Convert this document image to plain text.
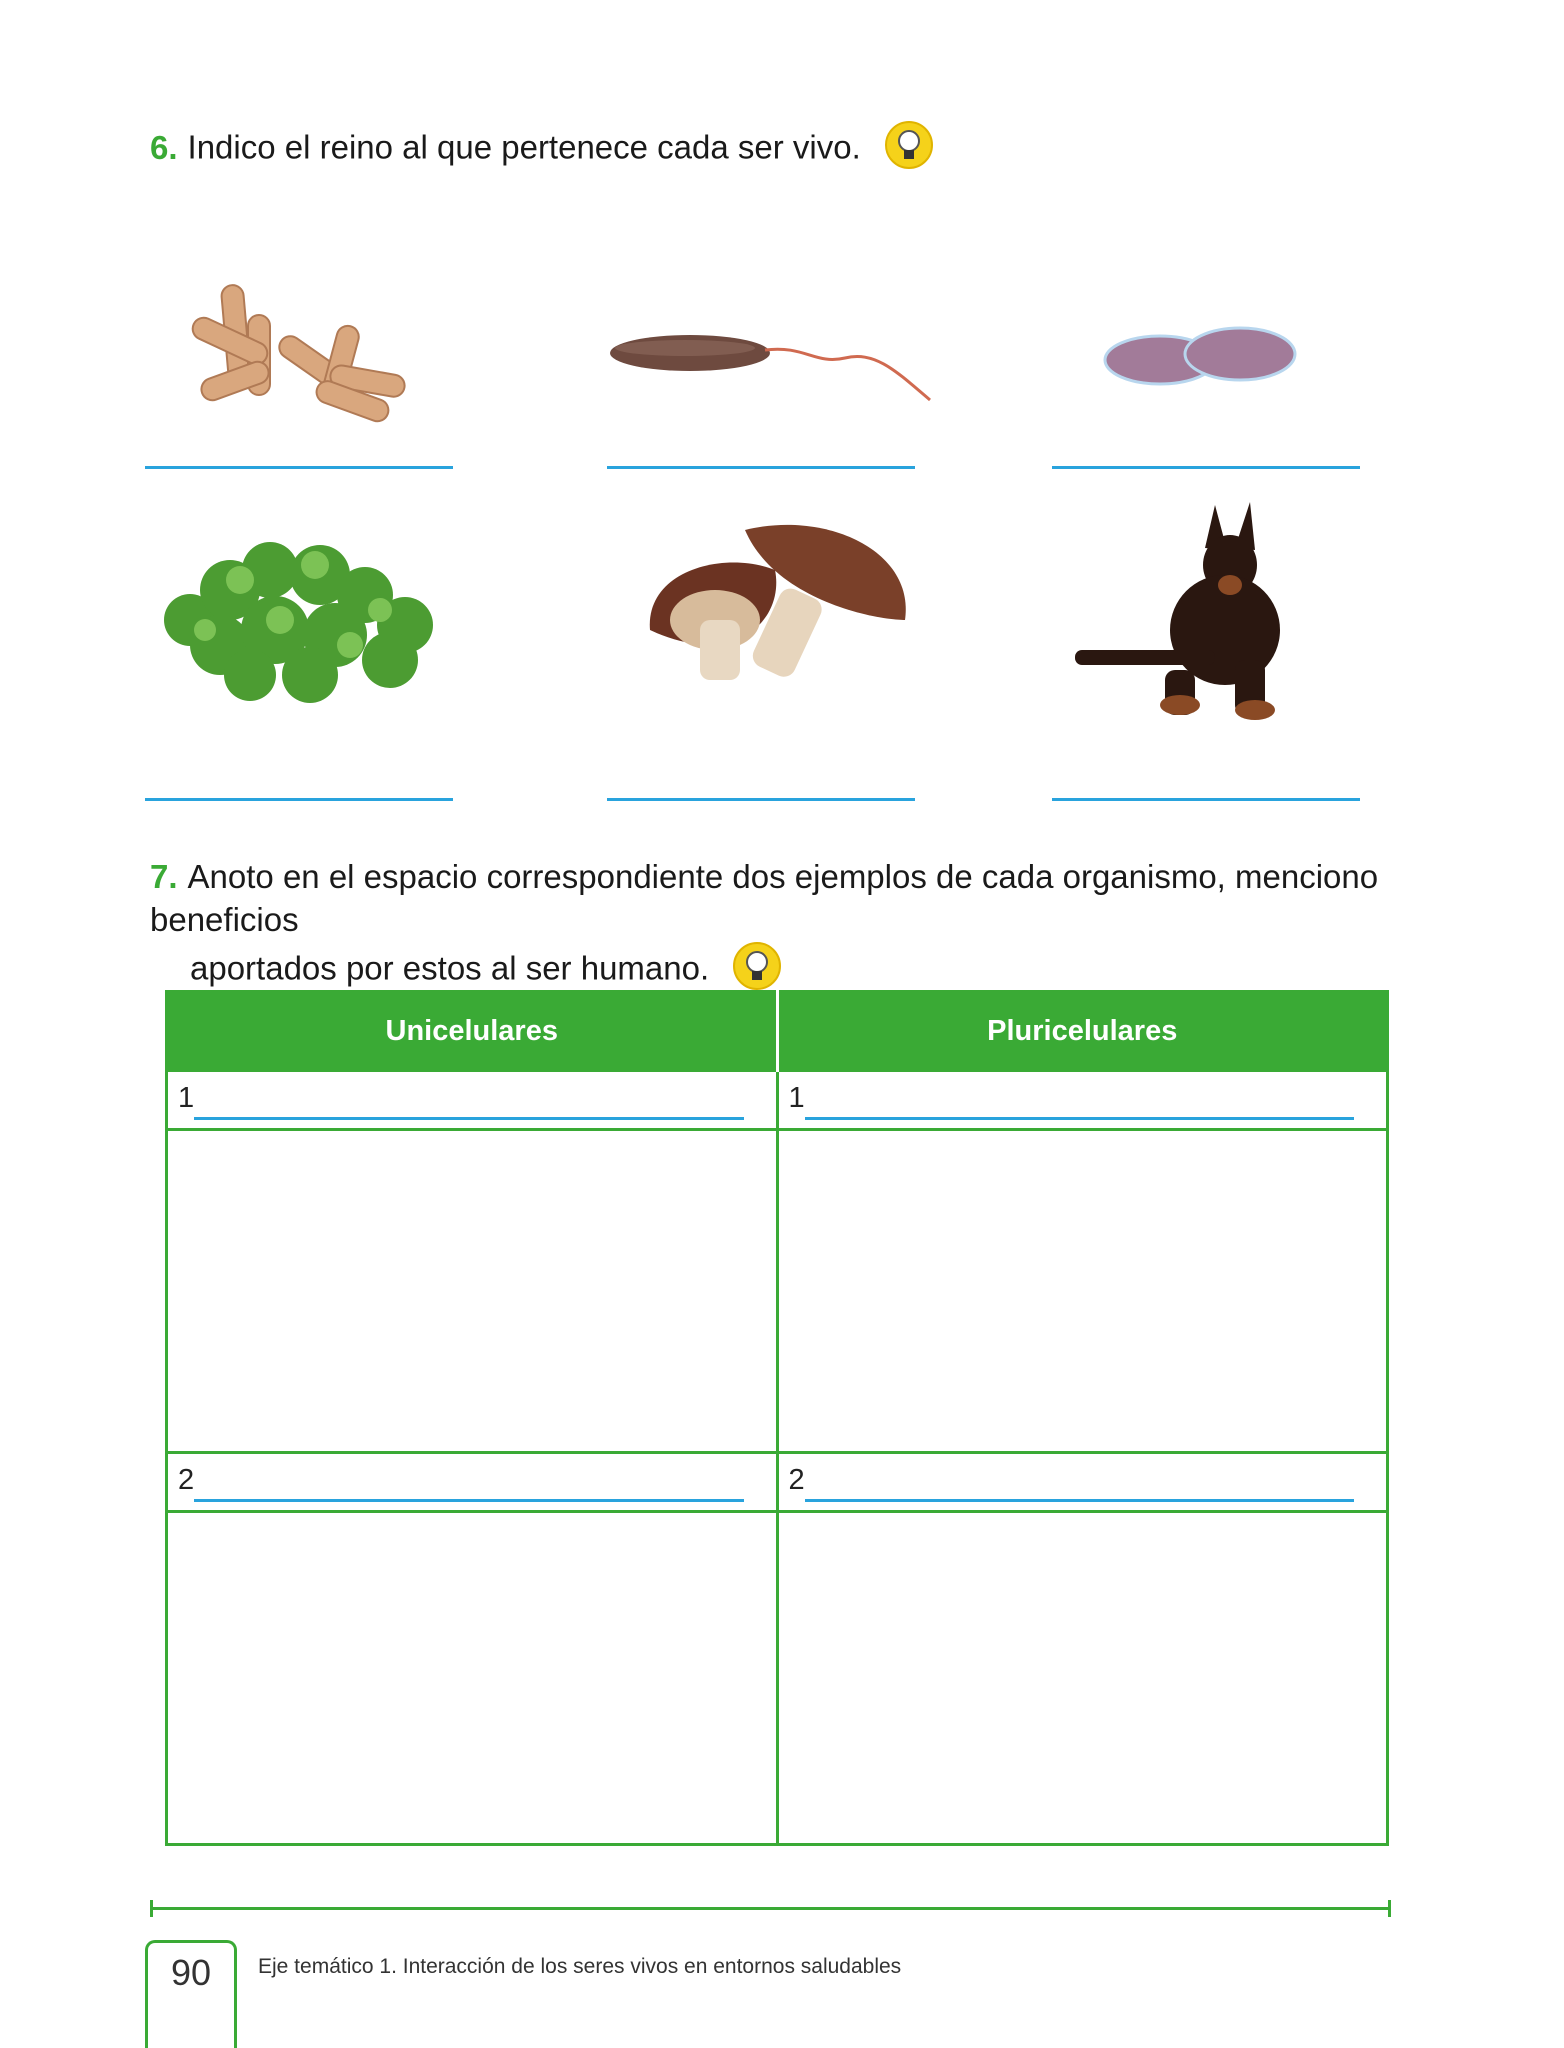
6. Indico el reino al que pertenece cada ser vivo.
7. Anoto en el espacio correspondiente dos ejemplos de cada organismo, menciono beneficios
aportados por estos al ser humano.
Unicelulares	Pluricelulares

1	1

2	2

90	Eje temático 1. Interacción de los seres vivos en entornos saludables
